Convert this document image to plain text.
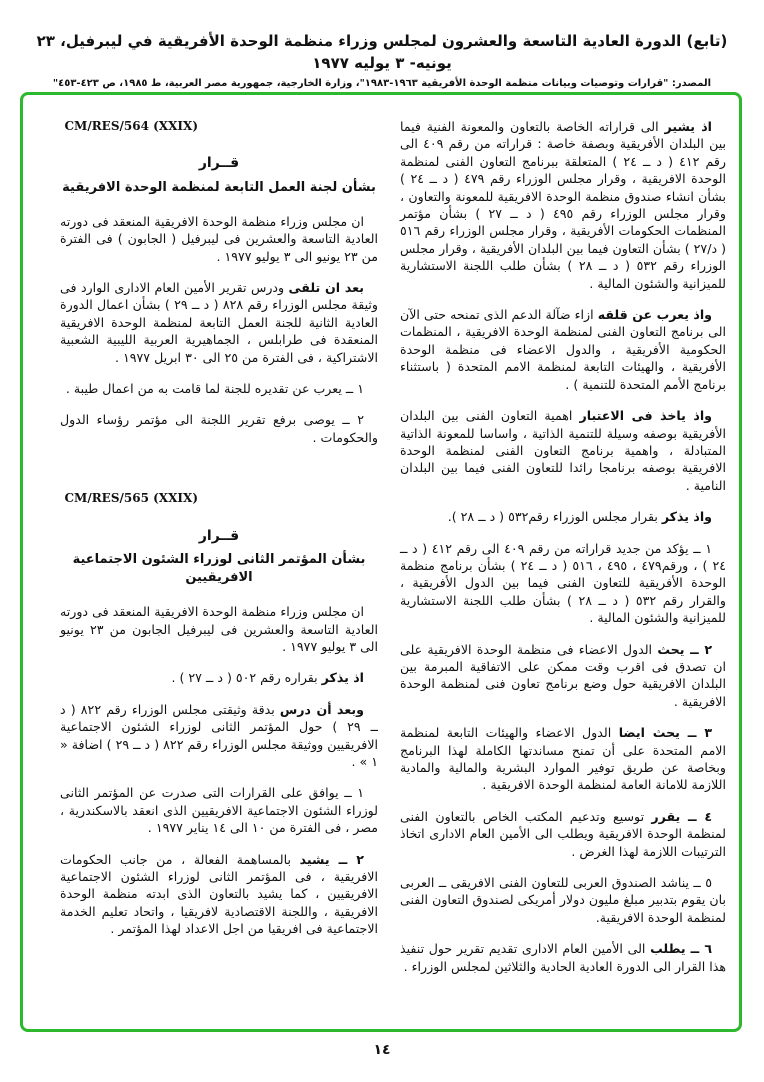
(تابع) الدورة العادية التاسعة والعشرون لمجلس وزراء منظمة الوحدة الأفريقية في ليبرفيل، ٢٣ يونيه- ٣ يوليه ١٩٧٧
المصدر: "قرارات وتوصيات وبيانات منظمة الوحدة الأفريقية ١٩٦٣-١٩٨٣"، وزارة الخارجية، جمهورية مصر العربية، ط ١٩٨٥، ص ٤٢٣-٤٥٣"

اذ يشير الى قراراته الخاصة بالتعاون والمعونة الفنية فيما بين البلدان الأفريقية وبصفة خاصة : قراراته من رقم ٤٠٩ الى رقم ٤١٢ ( د ــ ٢٤ ) المتعلقة ببرنامج التعاون الفنى لمنظمة الوحدة الافريقية ، وقرار مجلس الوزراء رقم ٤٧٩ ( د ــ ٢٤ ) بشأن انشاء صندوق منظمة الوحدة الافريقية للمعونة والتعاون ، وقرار مجلس الوزراء رقم ٤٩٥ ( د ــ ٢٧ ) بشأن مؤتمر المنظمات الحكومات الأفريقية ، وقرار مجلس الوزراء رقم ٥١٦ ( د/٢٧ ) بشأن التعاون فيما بين البلدان الأفريقية ، وقرار مجلس الوزراء رقم ٥٣٢ ( د ــ ٢٨ ) بشأن طلب اللجنة الاستشارية للميزانية والشئون المالية .

واذ يعرب عن قلقه ازاء ضآلة الدعم الذى تمنحه حتى الآن الى برنامج التعاون الفنى لمنظمة الوحدة الافريقية ، المنظمات الحكومية الأفريقية ، والدول الاعضاء فى منظمة الوحدة الأفريقية ، والهيئات التابعة لمنظمة الامم المتحدة ( باستثناء برنامج الأمم المتحدة للتنمية ) .

واذ ياخذ فى الاعتبار اهمية التعاون الفنى بين البلدان الأفريقية بوصفه وسيلة للتنمية الذاتية ، واساسا للمعونة الذاتية المتبادلة ، واهمية برنامج التعاون الفنى لمنظمة الوحدة الافريقية بوصفه برنامجا رائدا للتعاون الفنى فيما بين البلدان النامية .

واذ يذكر بقرار مجلس الوزراء رقم٥٣٢ ( د ــ ٢٨ ).

١ ــ يؤكد من جديد قراراته من رقم ٤٠٩ الى رقم ٤١٢ ( د ــ ٢٤ ) ، ورقم٤٧٩ ، ٤٩٥ ، ٥١٦ ( د ــ ٢٤ ) بشأن برنامج منظمة الوحدة الأفريقية للتعاون الفنى فيما بين الدول الأفريقية ، والقرار رقم ٥٣٢ ( د ــ ٢٨ ) بشأن طلب اللجنة الاستشارية للميزانية والشئون المالية .

٢ ــ يحث الدول الاعضاء فى منظمة الوحدة الافريقية على ان تصدق فى اقرب وقت ممكن على الاتفاقية المبرمة بين البلدان الافريقية حول وضع برنامج تعاون فنى لمنظمة الوحدة الافريقية .

٣ ــ يحث ايضا الدول الاعضاء والهيئات التابعة لمنظمة الامم المتحدة على أن تمنح مساندتها الكاملة لهذا البرنامج وبخاصة عن طريق توفير الموارد البشرية والمالية والمادية اللازمة للامانة العامة لمنظمة الوحدة الافريقية .

٤ ــ يقرر توسيع وتدعيم المكتب الخاص بالتعاون الفنى لمنظمة الوحدة الافريقية ويطلب الى الأمين العام الادارى اتخاذ الترتيبات اللازمة لهذا الغرض .

٥ ــ يناشد الصندوق العربى للتعاون الفنى الافريقى ــ العربى بان يقوم بتدبير مبلغ مليون دولار أمريكى لصندوق التعاون الفنى لمنظمة الوحدة الافريقية.

٦ ــ يطلب الى الأمين العام الادارى تقديم تقرير حول تنفيذ هذا القرار الى الدورة العادية الحادية والثلاثين لمجلس الوزراء .

CM/RES/564 (XXIX)
قــرار
بشأن لجنة العمل التابعة لمنظمة الوحدة الافريقية

ان مجلس وزراء منظمة الوحدة الافريقية المنعقد فى دورته العادية التاسعة والعشرين فى ليبرفيل ( الجابون ) فى الفترة من ٢٣ يونيو الى ٣ يوليو ١٩٧٧ .

بعد ان تلقى ودرس تقرير الأمين العام الادارى الوارد فى وثيقة مجلس الوزراء رقم ٨٢٨ ( د ــ ٢٩ ) بشأن اعمال الدورة العادية الثانية للجنة العمل التابعة لمنظمة الوحدة الافريقية المنعقدة فى طرابلس ، الجماهيرية العربية الليبية الشعبية الاشتراكية ، فى الفترة من ٢٥ الى ٣٠ ابريل ١٩٧٧ .

١ ــ يعرب عن تقديره للجنة لما قامت به من اعمال طيبة .

٢ ــ يوصى برفع تقرير اللجنة الى مؤتمر رؤساء الدول والحكومات .

CM/RES/565 (XXIX)
قــرار
بشأن المؤتمر الثانى لوزراء الشئون الاجتماعية الافريقيين

ان مجلس وزراء منظمة الوحدة الافريقية المنعقد فى دورته العادية التاسعة والعشرين فى ليبرفيل الجابون من ٢٣ يونيو الى ٣ يوليو ١٩٧٧ .

اذ يذكر بقراره رقم ٥٠٢ ( د ــ ٢٧ ) .

وبعد أن درس بدقة وثيقتى مجلس الوزراء رقم ٨٢٢ ( د ــ ٢٩ ) حول المؤتمر الثانى لوزراء الشئون الاجتماعية الافريقيين ووثيقة مجلس الوزراء رقم ٨٢٢ ( د ــ ٢٩ ) اضافة « ١ » .

١ ــ يوافق على القرارات التى صدرت عن المؤتمر الثانى لوزراء الشئون الاجتماعية الافريقيين الذى انعقد بالاسكندرية ، مصر ، فى الفترة من ١٠ الى ١٤ يناير ١٩٧٧ .

٢ ــ يشيد بالمساهمة الفعالة ، من جانب الحكومات الافريقية ، فى المؤتمر الثانى لوزراء الشئون الاجتماعية الافريقيين ، كما يشيد بالتعاون الذى ابدته منظمة الوحدة الافريقية ، واللجنة الاقتصادية لافريقيا ، واتحاد تعليم الخدمة الاجتماعية فى افريقيا من اجل الاعداد لهذا المؤتمر .

١٤
